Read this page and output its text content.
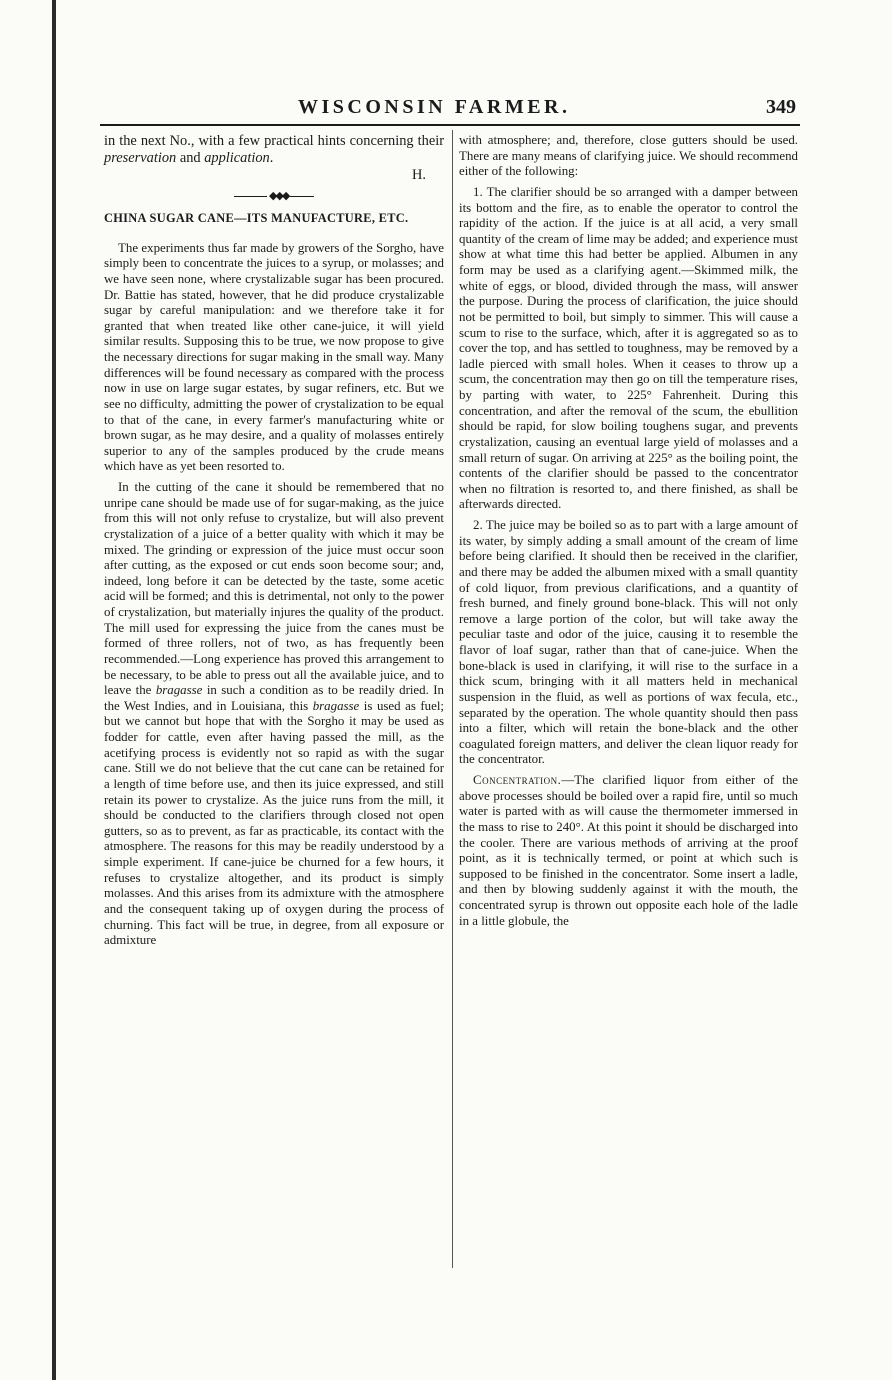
WISCONSIN FARMER.	349

in the next No., with a few practical hints concerning their preservation and application.

H.

◆◆◆

CHINA SUGAR CANE—ITS MANUFACTURE, ETC.

The experiments thus far made by growers of the Sorgho, have simply been to concentrate the juices to a syrup, or molasses; and we have seen none, where crystalizable sugar has been procured. Dr. Battie has stated, however, that he did produce crystalizable sugar by careful manipulation: and we therefore take it for granted that when treated like other cane-juice, it will yield similar results. Supposing this to be true, we now propose to give the necessary directions for sugar making in the small way. Many differences will be found necessary as compared with the process now in use on large sugar estates, by sugar refiners, etc. But we see no difficulty, admitting the power of crystalization to be equal to that of the cane, in every farmer's manufacturing white or brown sugar, as he may desire, and a quality of molasses entirely superior to any of the samples produced by the crude means which have as yet been resorted to.

In the cutting of the cane it should be remembered that no unripe cane should be made use of for sugar-making, as the juice from this will not only refuse to crystalize, but will also prevent crystalization of a juice of a better quality with which it may be mixed. The grinding or expression of the juice must occur soon after cutting, as the exposed or cut ends soon become sour; and, indeed, long before it can be detected by the taste, some acetic acid will be formed; and this is detrimental, not only to the power of crystalization, but materially injures the quality of the product. The mill used for expressing the juice from the canes must be formed of three rollers, not of two, as has frequently been recommended.—Long experience has proved this arrangement to be necessary, to be able to press out all the available juice, and to leave the bragasse in such a condition as to be readily dried. In the West Indies, and in Louisiana, this bragasse is used as fuel; but we cannot but hope that with the Sorgho it may be used as fodder for cattle, even after having passed the mill, as the acetifying process is evidently not so rapid as with the sugar cane. Still we do not believe that the cut cane can be retained for a length of time before use, and then its juice expressed, and still retain its power to crystalize. As the juice runs from the mill, it should be conducted to the clarifiers through closed not open gutters, so as to prevent, as far as practicable, its contact with the atmosphere. The reasons for this may be readily understood by a simple experiment. If cane-juice be churned for a few hours, it refuses to crystalize altogether, and its product is simply molasses. And this arises from its admixture with the atmosphere and the consequent taking up of oxygen during the process of churning. This fact will be true, in degree, from all exposure or admixture

with atmosphere; and, therefore, close gutters should be used. There are many means of clarifying juice. We should recommend either of the following:

1. The clarifier should be so arranged with a damper between its bottom and the fire, as to enable the operator to control the rapidity of the action. If the juice is at all acid, a very small quantity of the cream of lime may be added; and experience must show at what time this had better be applied. Albumen in any form may be used as a clarifying agent.—Skimmed milk, the white of eggs, or blood, divided through the mass, will answer the purpose. During the process of clarification, the juice should not be permitted to boil, but simply to simmer. This will cause a scum to rise to the surface, which, after it is aggregated so as to cover the top, and has settled to toughness, may be removed by a ladle pierced with small holes. When it ceases to throw up a scum, the concentration may then go on till the temperature rises, by parting with water, to 225° Fahrenheit. During this concentration, and after the removal of the scum, the ebullition should be rapid, for slow boiling toughens sugar, and prevents crystalization, causing an eventual large yield of molasses and a small return of sugar. On arriving at 225° as the boiling point, the contents of the clarifier should be passed to the concentrator when no filtration is resorted to, and there finished, as shall be afterwards directed.

2. The juice may be boiled so as to part with a large amount of its water, by simply adding a small amount of the cream of lime before being clarified. It should then be received in the clarifier, and there may be added the albumen mixed with a small quantity of cold liquor, from previous clarifications, and a quantity of fresh burned, and finely ground bone-black. This will not only remove a large portion of the color, but will take away the peculiar taste and odor of the juice, causing it to resemble the flavor of loaf sugar, rather than that of cane-juice. When the bone-black is used in clarifying, it will rise to the surface in a thick scum, bringing with it all matters held in mechanical suspension in the fluid, as well as portions of wax fecula, etc., separated by the operation. The whole quantity should then pass into a filter, which will retain the bone-black and the other coagulated foreign matters, and deliver the clean liquor ready for the concentrator.

Concentration.—The clarified liquor from either of the above processes should be boiled over a rapid fire, until so much water is parted with as will cause the thermometer immersed in the mass to rise to 240°. At this point it should be discharged into the cooler. There are various methods of arriving at the proof point, as it is technically termed, or point at which such is supposed to be finished in the concentrator. Some insert a ladle, and then by blowing suddenly against it with the mouth, the concentrated syrup is thrown out opposite each hole of the ladle in a little globule, the
